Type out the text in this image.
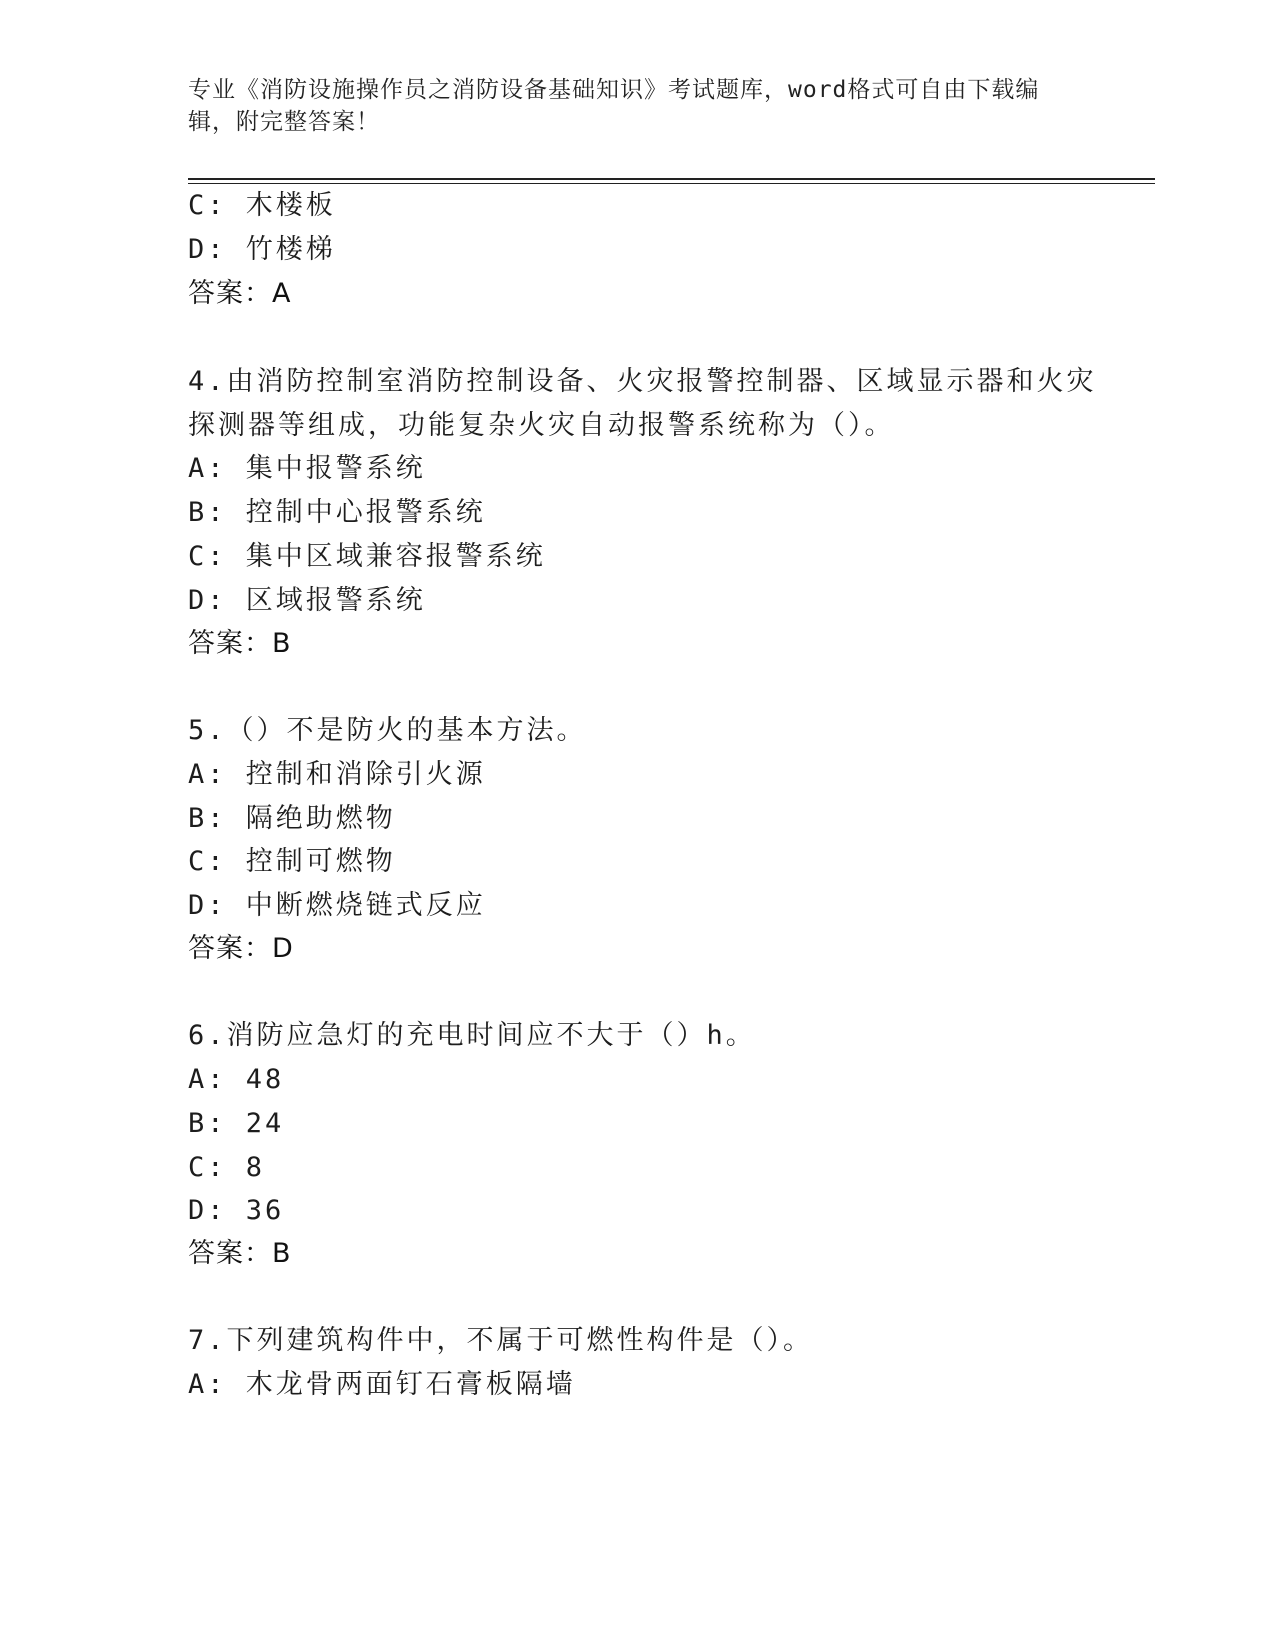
专业《消防设施操作员之消防设备基础知识》考试题库，word格式可自由下载编
辑，附完整答案！
C: 木楼板
D: 竹楼梯
答案：A
4.由消防控制室消防控制设备、火灾报警控制器、区域显示器和火灾
探测器等组成，功能复杂火灾自动报警系统称为（）。
A: 集中报警系统
B: 控制中心报警系统
C: 集中区域兼容报警系统
D: 区域报警系统
答案：B
5.（）不是防火的基本方法。
A: 控制和消除引火源
B: 隔绝助燃物
C: 控制可燃物
D: 中断燃烧链式反应
答案：D
6.消防应急灯的充电时间应不大于（）h。
A: 48
B: 24
C: 8
D: 36
答案：B
7.下列建筑构件中，不属于可燃性构件是（）。
A: 木龙骨两面钉石膏板隔墙
